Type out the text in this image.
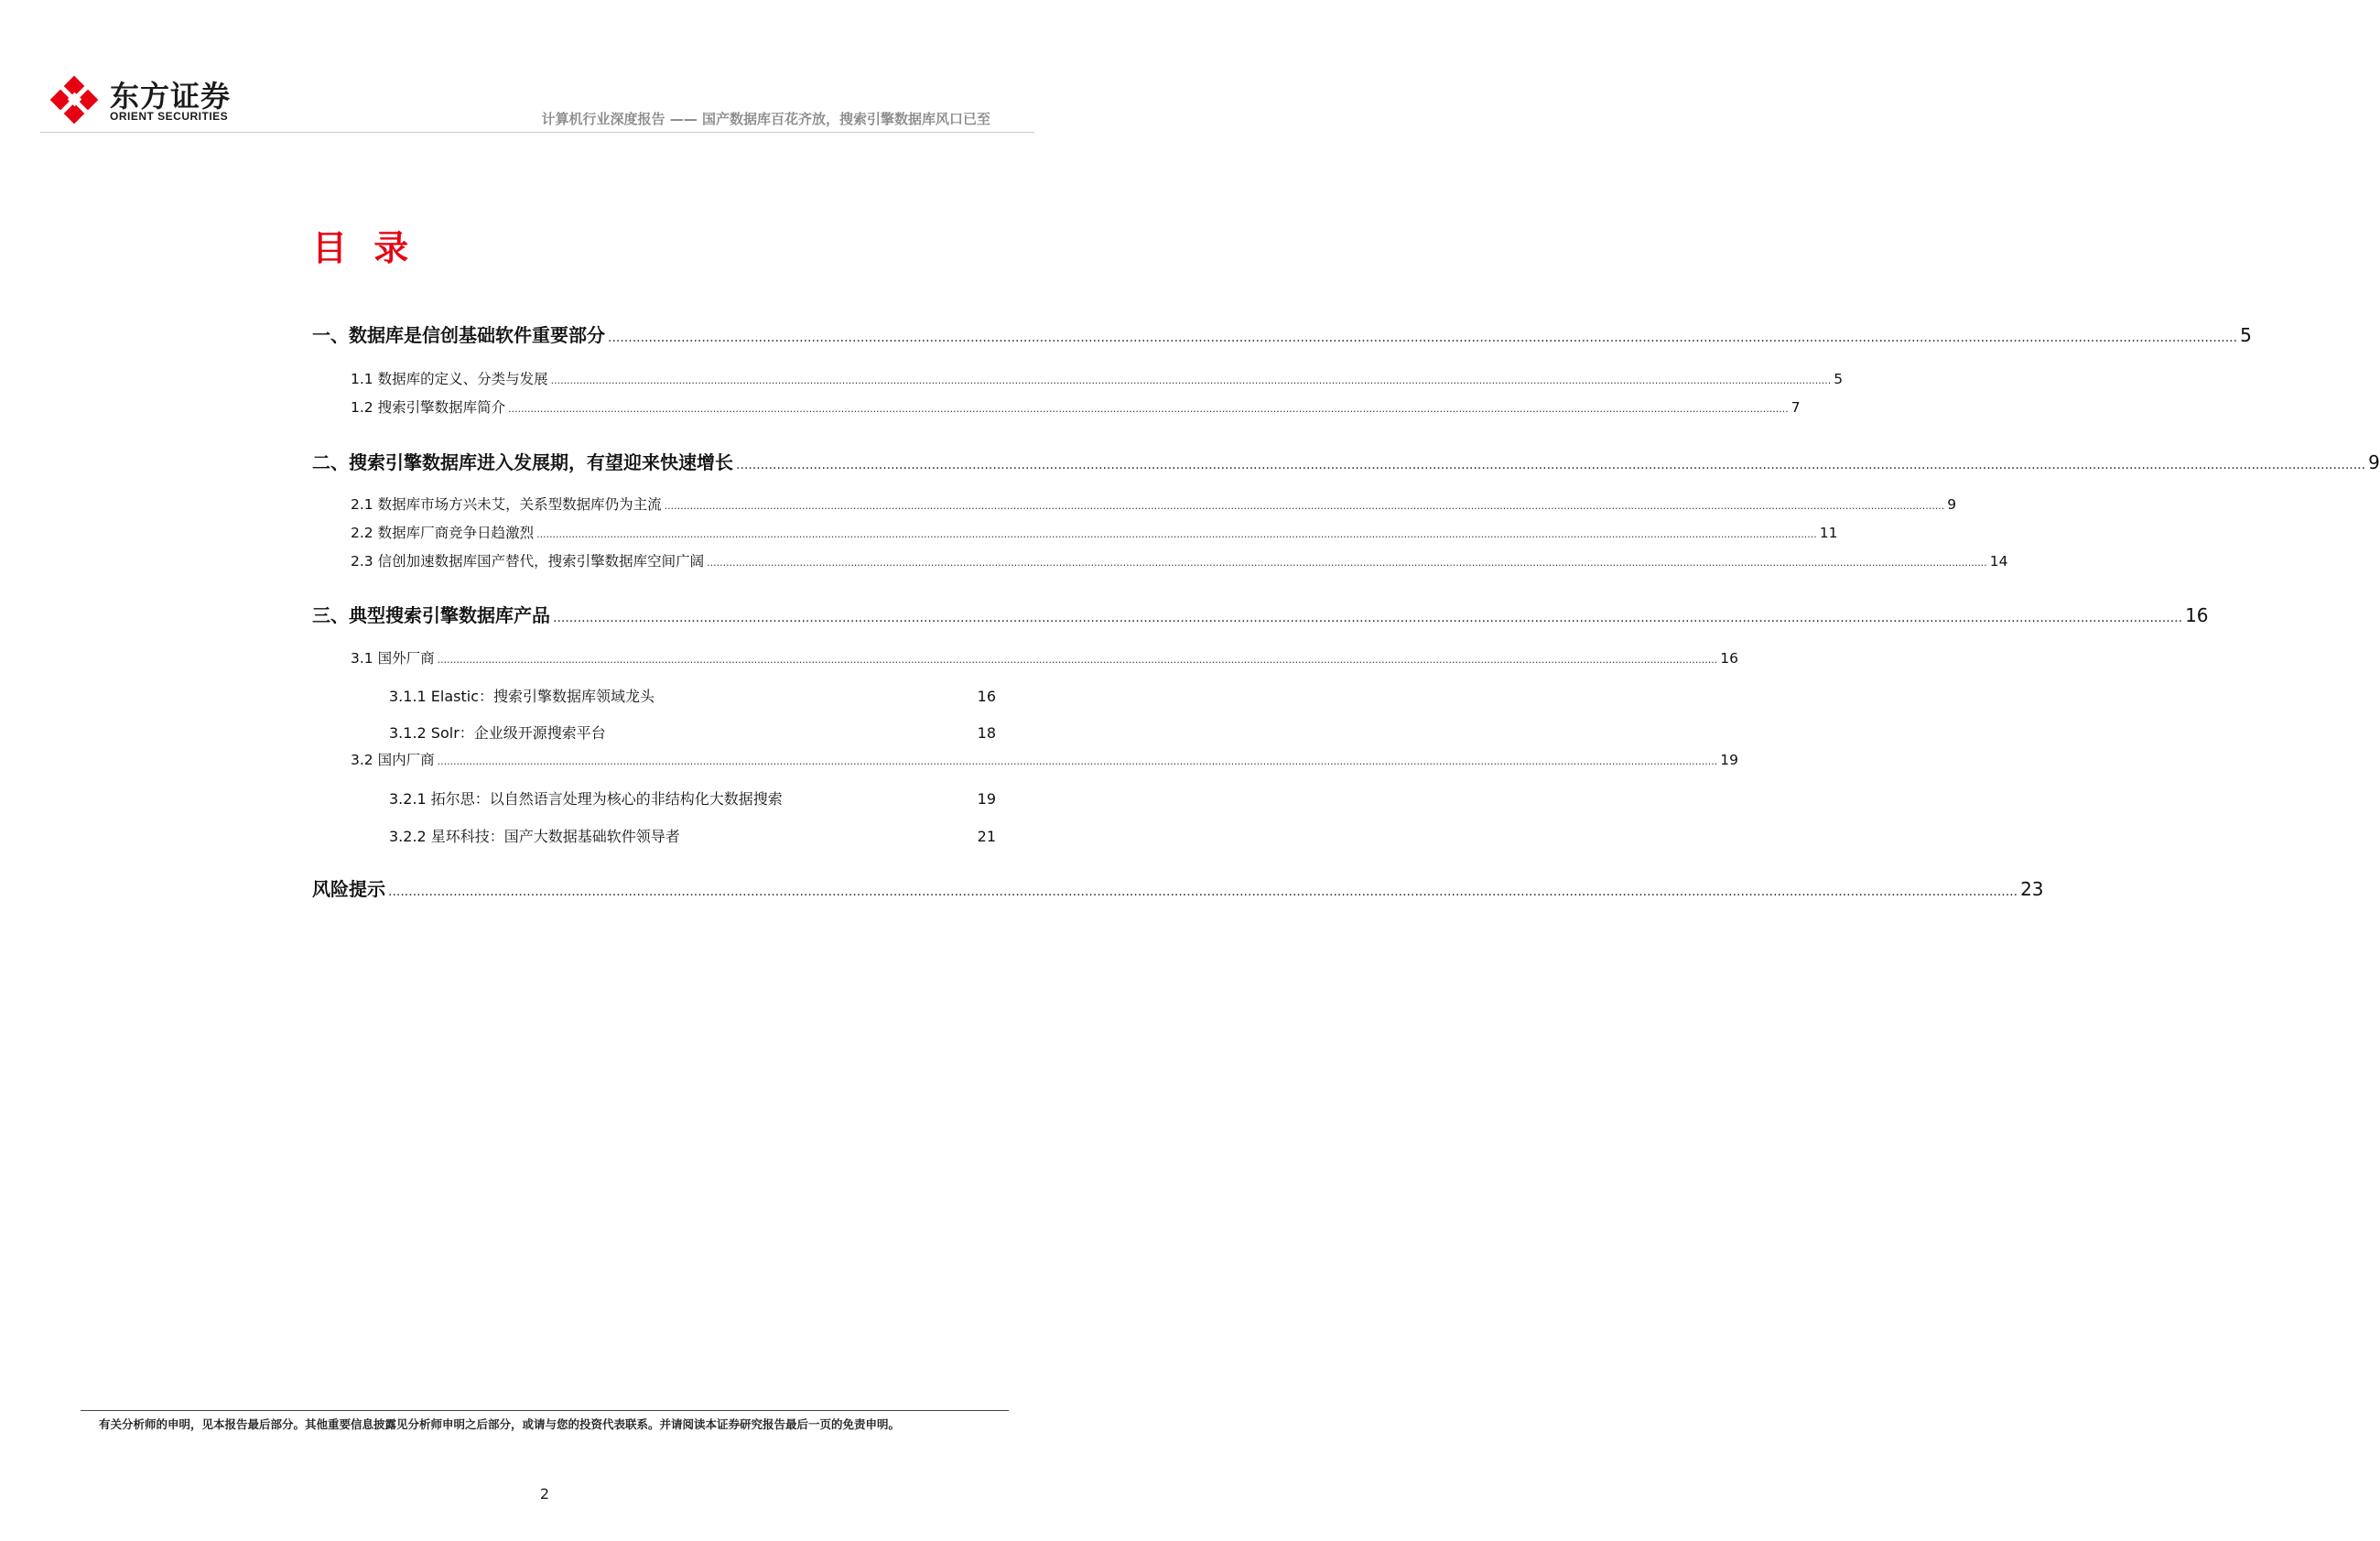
东方证券
ORIENT SECURITIES	计算机行业深度报告 —— 国产数据库百花齐放，搜索引擎数据库风口已至
目 录
一、数据库是信创基础软件重要部分 ................................................................................................................................................................................................................................................................................................................................................................................................................ 5
1.1 数据库的定义、分类与发展 ................................................................................................................................................................................................................................................................................................................................................................................................................ 5
1.2 搜索引擎数据库简介 ................................................................................................................................................................................................................................................................................................................................................................................................................ 7
二、搜索引擎数据库进入发展期，有望迎来快速增长 ................................................................................................................................................................................................................................................................................................................................................................................................................ 9
2.1 数据库市场方兴未艾，关系型数据库仍为主流 ................................................................................................................................................................................................................................................................................................................................................................................................................ 9
2.2 数据库厂商竞争日趋激烈 ................................................................................................................................................................................................................................................................................................................................................................................................................ 11
2.3 信创加速数据库国产替代，搜索引擎数据库空间广阔 ................................................................................................................................................................................................................................................................................................................................................................................................................ 14
三、典型搜索引擎数据库产品 ................................................................................................................................................................................................................................................................................................................................................................................................................ 16
3.1 国外厂商 ................................................................................................................................................................................................................................................................................................................................................................................................................ 16
3.1.1 Elastic：搜索引擎数据库领域龙头	16
3.1.2 Solr：企业级开源搜索平台	18
3.2 国内厂商 ................................................................................................................................................................................................................................................................................................................................................................................................................ 19
3.2.1 拓尔思：以自然语言处理为核心的非结构化大数据搜索	19
3.2.2 星环科技：国产大数据基础软件领导者	21
风险提示 ................................................................................................................................................................................................................................................................................................................................................................................................................ 23
有关分析师的申明，见本报告最后部分。其他重要信息披露见分析师申明之后部分，或请与您的投资代表联系。并请阅读本证券研究报告最后一页的免责申明。
2
